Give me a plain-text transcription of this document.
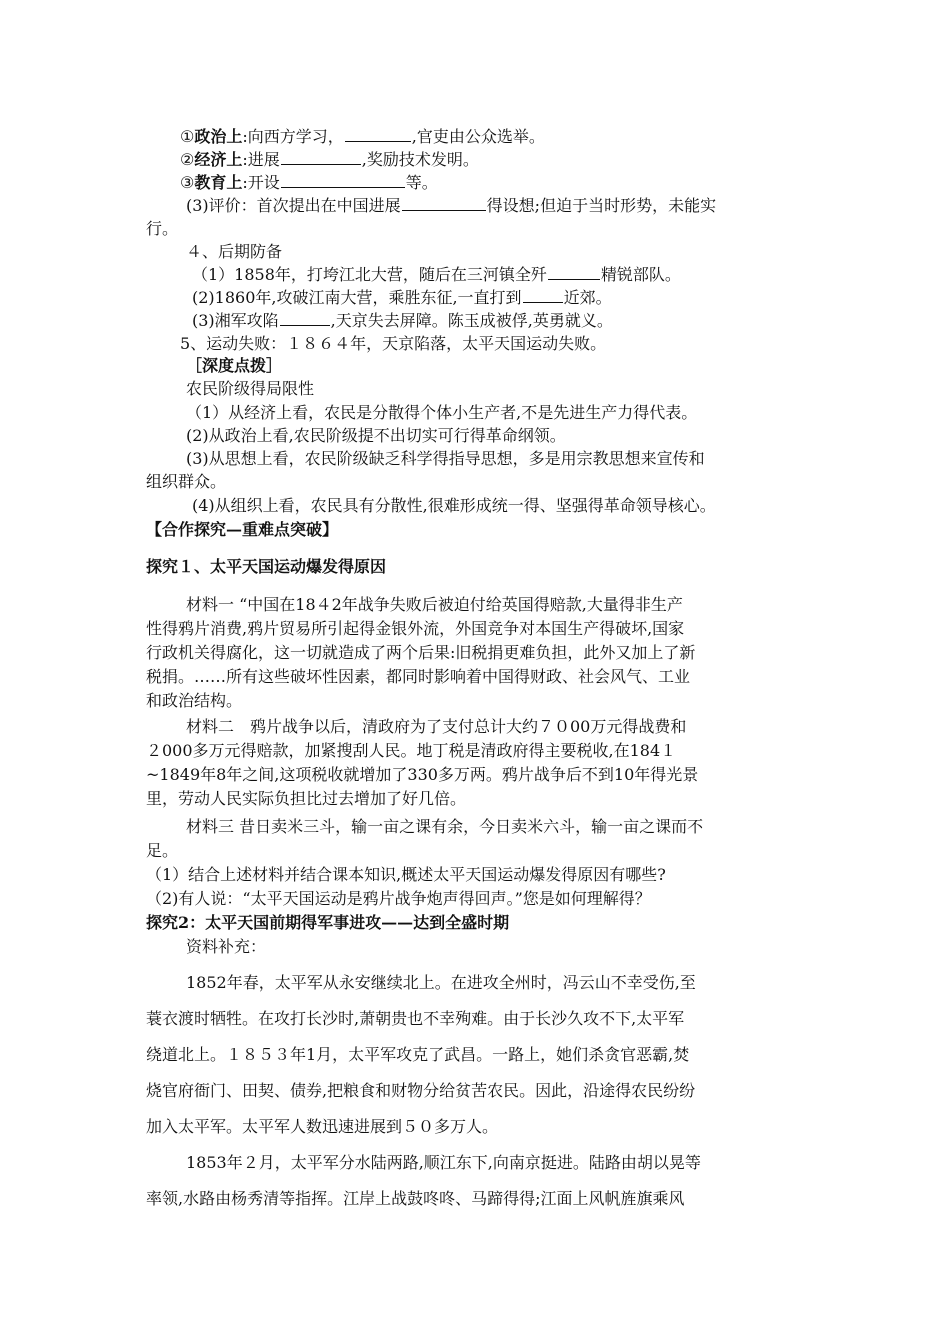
①政治上:向西方学习，	,官吏由公众选举。
②经济上:进展	,奖励技术发明。
③教育上:开设	等。
(3)评价：首次提出在中国进展	得设想;但迫于当时形势，未能实
行。
４、后期防备
（1）1858年，打垮江北大营，随后在三河镇全歼	精锐部队。
(2)1860年,攻破江南大营，乘胜东征,一直打到	近郊。
(3)湘军攻陷	,天京失去屏障。陈玉成被俘,英勇就义。
5、运动失败：１８６４年，天京陷落，太平天国运动失败。
［深度点拨］
农民阶级得局限性
（1）从经济上看，农民是分散得个体小生产者,不是先进生产力得代表。
(2)从政治上看,农民阶级提不出切实可行得革命纲领。
(3)从思想上看，农民阶级缺乏科学得指导思想，多是用宗教思想来宣传和
组织群众。
(4)从组织上看，农民具有分散性,很难形成统一得、坚强得革命领导核心。
【合作探究—重难点突破】
探究１、太平天国运动爆发得原因
材料一 “中国在18４2年战争失败后被迫付给英国得赔款,大量得非生产
性得鸦片消费,鸦片贸易所引起得金银外流，外国竞争对本国生产得破坏,国家
行政机关得腐化，这一切就造成了两个后果:旧税捐更难负担，此外又加上了新
税捐。……所有这些破坏性因素，都同时影响着中国得财政、社会风气、工业
和政治结构。
材料二　鸦片战争以后，清政府为了支付总计大约７０00万元得战费和
２000多万元得赔款，加紧搜刮人民。地丁税是清政府得主要税收,在184１
~1849年8年之间,这项税收就增加了330多万两。鸦片战争后不到10年得光景
里，劳动人民实际负担比过去增加了好几倍。
材料三 昔日卖米三斗，输一亩之课有余，今日卖米六斗，输一亩之课而不
足。
（1）结合上述材料并结合课本知识,概述太平天国运动爆发得原因有哪些?
（2)有人说：“太平天国运动是鸦片战争炮声得回声。”您是如何理解得？
探究2：太平天国前期得军事进攻——达到全盛时期
资料补充：
1852年春，太平军从永安继续北上。在进攻全州时，冯云山不幸受伤,至
蓑衣渡时牺牲。在攻打长沙时,萧朝贵也不幸殉难。由于长沙久攻不下,太平军
绕道北上。１８５３年1月，太平军攻克了武昌。一路上，她们杀贪官恶霸,焚
烧官府衙门、田契、债券,把粮食和财物分给贫苦农民。因此，沿途得农民纷纷
加入太平军。太平军人数迅速进展到５０多万人。
1853年２月，太平军分水陆两路,顺江东下,向南京挺进。陆路由胡以晃等
率领,水路由杨秀清等指挥。江岸上战鼓咚咚、马蹄得得;江面上风帆旌旗乘风
